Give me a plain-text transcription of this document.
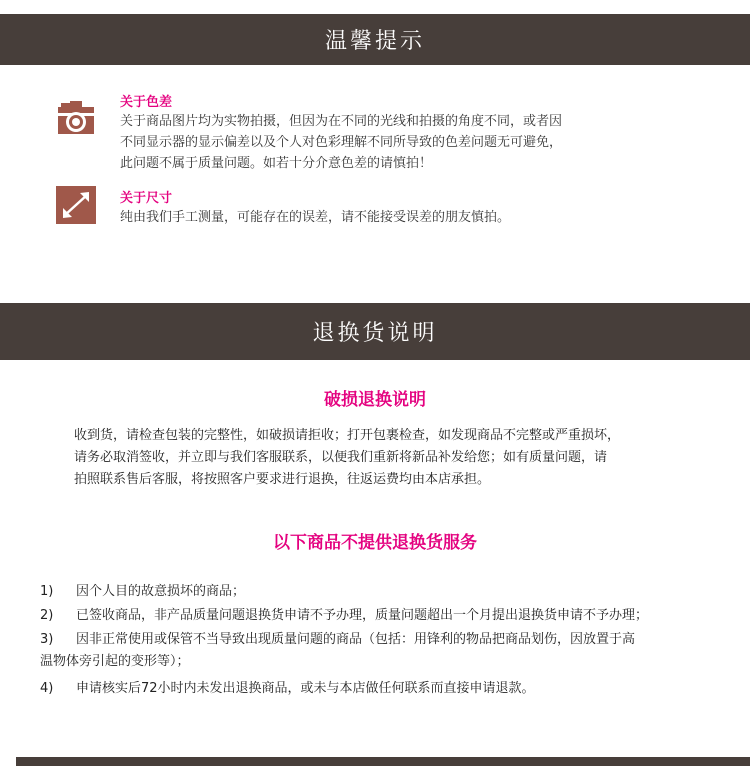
温馨提示
关于色差
关于商品图片均为实物拍摄，但因为在不同的光线和拍摄的角度不同，或者因
不同显示器的显示偏差以及个人对色彩理解不同所导致的色差问题无可避免，
此问题不属于质量问题。如若十分介意色差的请慎拍！
关于尺寸
纯由我们手工测量，可能存在的误差，请不能接受误差的朋友慎拍。
退换货说明
破损退换说明
收到货，请检查包装的完整性，如破损请拒收；打开包裹检查，如发现商品不完整或严重损坏，
请务必取消签收，并立即与我们客服联系，以便我们重新将新品补发给您；如有质量问题，请
拍照联系售后客服，将按照客户要求进行退换，往返运费均由本店承担。
以下商品不提供退换货服务
1)	因个人目的故意损坏的商品；
2)	已签收商品，非产品质量问题退换货申请不予办理，质量问题超出一个月提出退换货申请不予办理；
3)	因非正常使用或保管不当导致出现质量问题的商品（包括：用锋利的物品把商品划伤，因放置于高
温物体旁引起的变形等）；
4)	申请核实后72小时内未发出退换商品，或未与本店做任何联系而直接申请退款。
